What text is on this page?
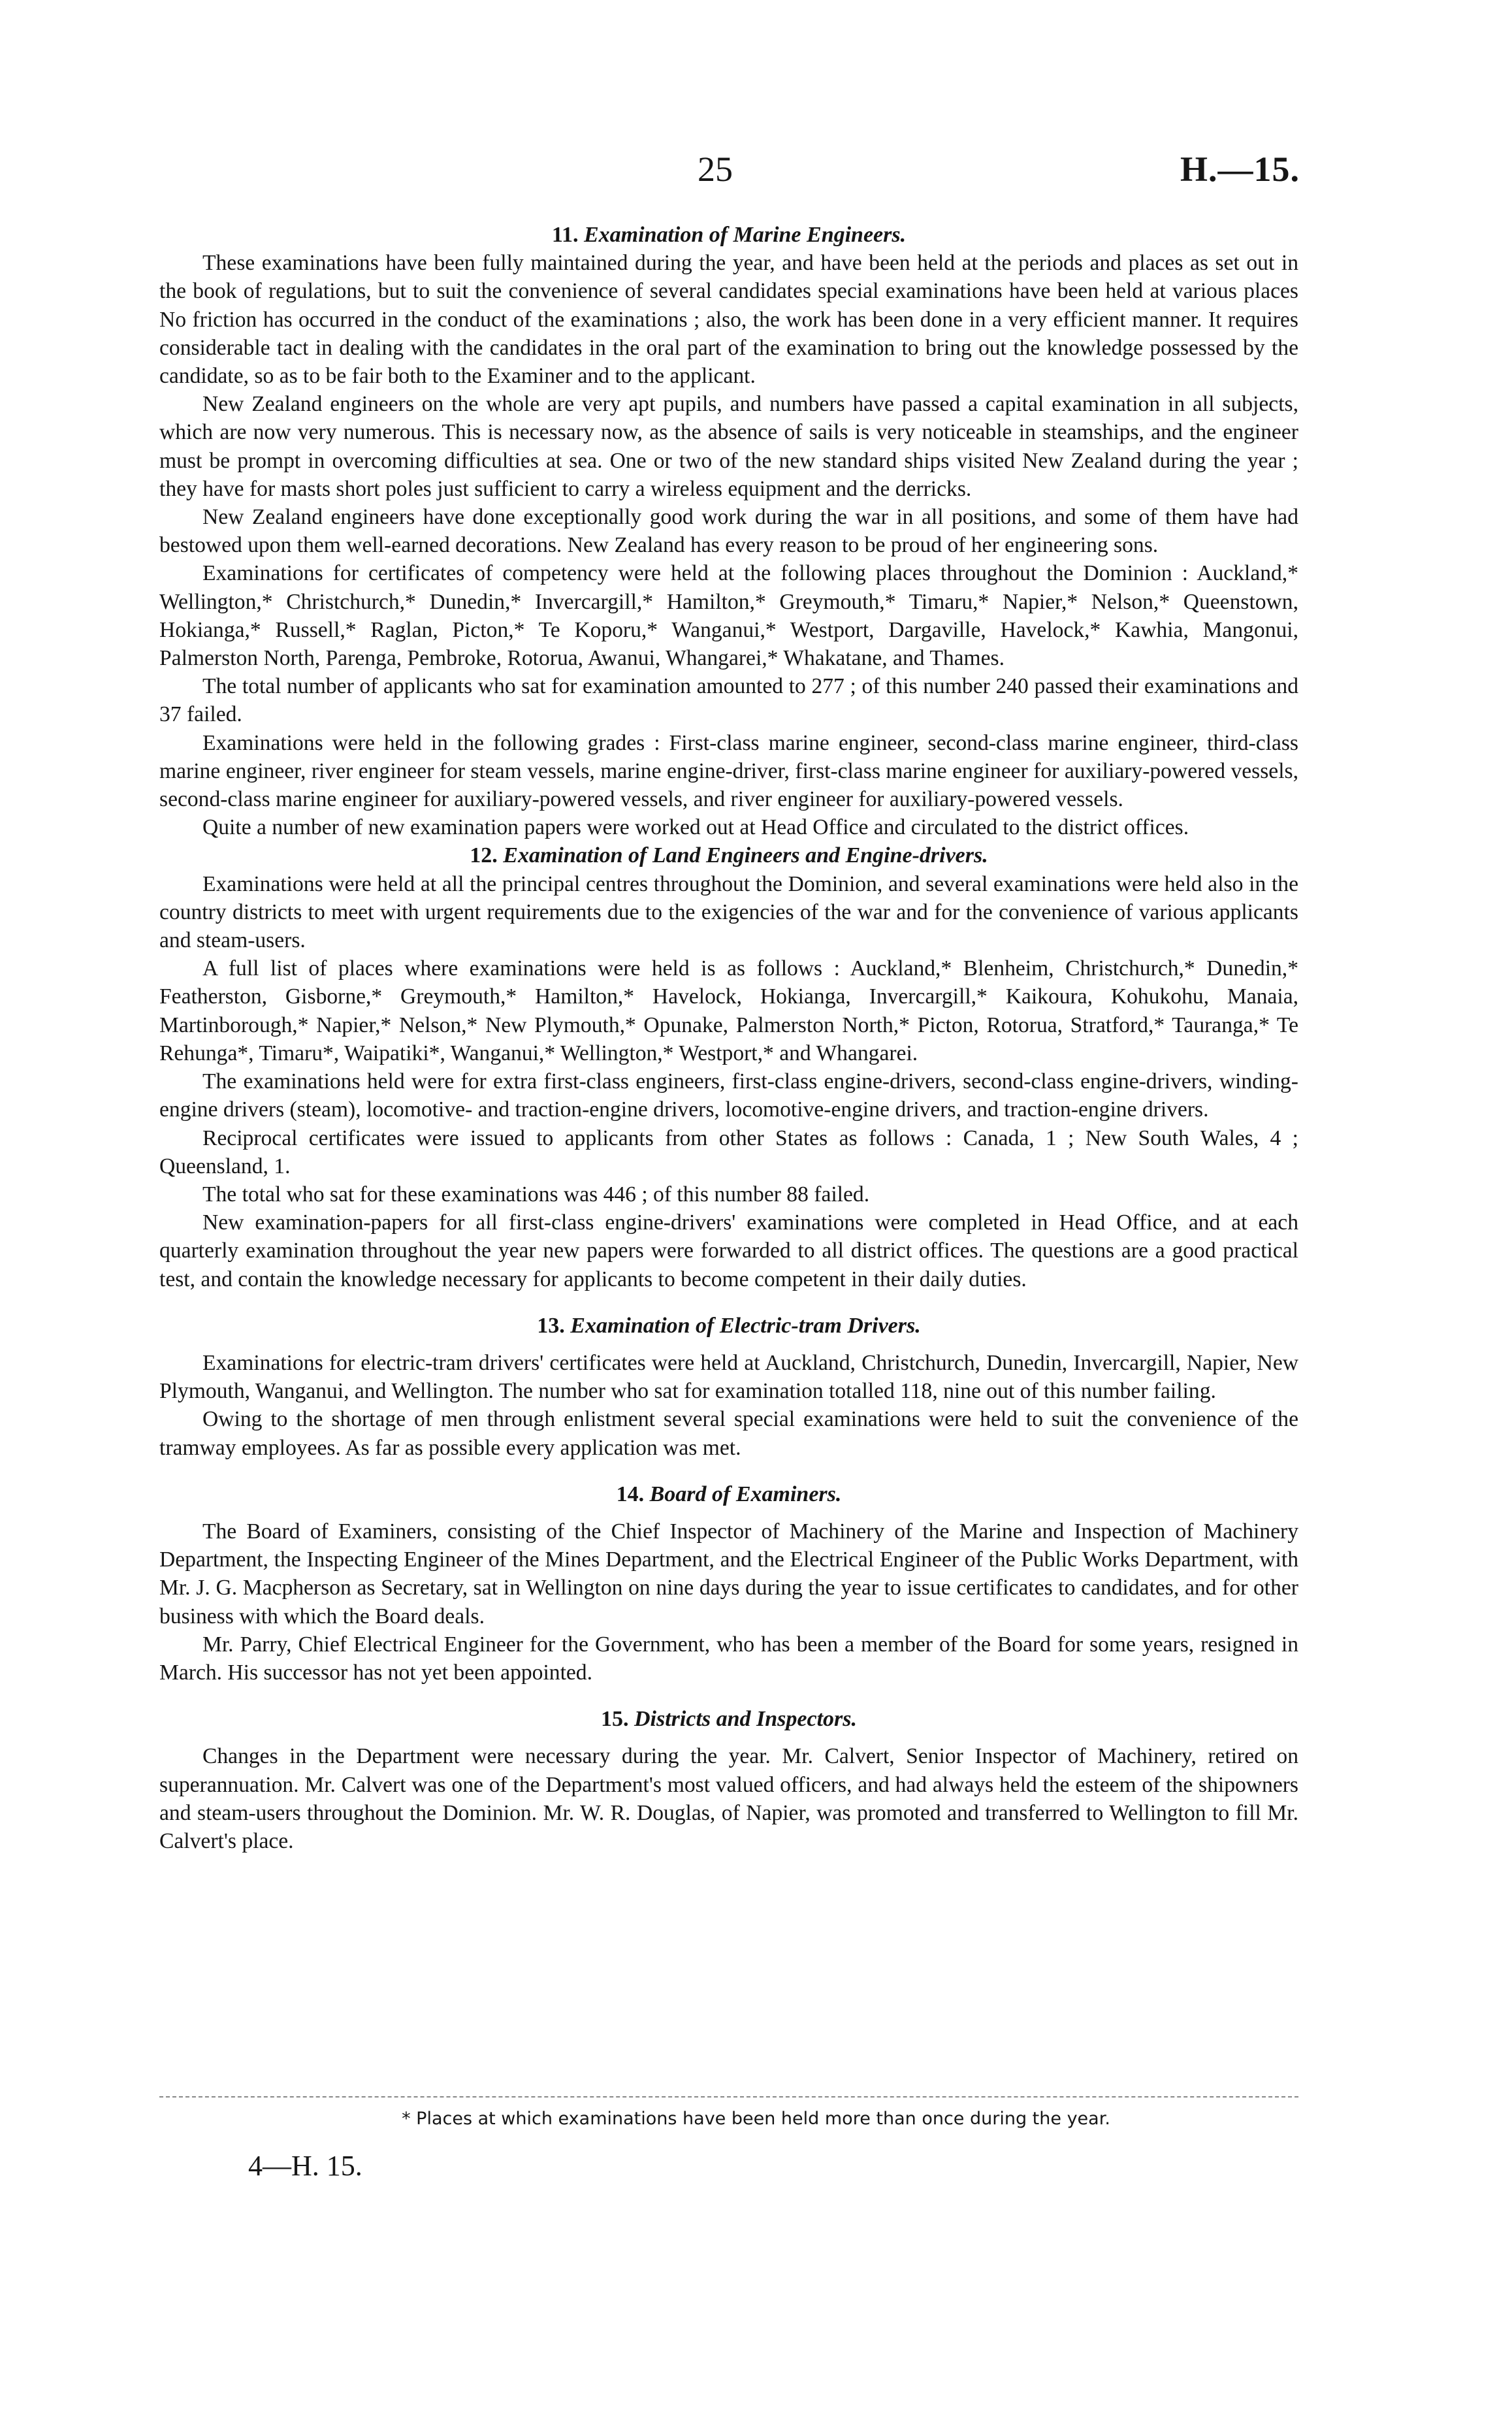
25	H.—15.
11. Examination of Marine Engineers.

These examinations have been fully maintained during the year, and have been held at the periods and places as set out in the book of regulations, but to suit the convenience of several candidates special examinations have been held at various places No friction has occurred in the conduct of the examinations ; also, the work has been done in a very efficient manner. It requires considerable tact in dealing with the candidates in the oral part of the examination to bring out the knowledge possessed by the candidate, so as to be fair both to the Examiner and to the applicant.

New Zealand engineers on the whole are very apt pupils, and numbers have passed a capital examination in all subjects, which are now very numerous. This is necessary now, as the absence of sails is very noticeable in steamships, and the engineer must be prompt in overcoming difficulties at sea. One or two of the new standard ships visited New Zealand during the year ; they have for masts short poles just sufficient to carry a wireless equipment and the derricks.

New Zealand engineers have done exceptionally good work during the war in all positions, and some of them have had bestowed upon them well-earned decorations. New Zealand has every reason to be proud of her engineering sons.

Examinations for certificates of competency were held at the following places throughout the Dominion : Auckland,* Wellington,* Christchurch,* Dunedin,* Invercargill,* Hamilton,* Greymouth,* Timaru,* Napier,* Nelson,* Queenstown, Hokianga,* Russell,* Raglan, Picton,* Te Koporu,* Wanganui,* Westport, Dargaville, Havelock,* Kawhia, Mangonui, Palmerston North, Parenga, Pembroke, Rotorua, Awanui, Whangarei,* Whakatane, and Thames.

The total number of applicants who sat for examination amounted to 277 ; of this number 240 passed their examinations and 37 failed.

Examinations were held in the following grades : First-class marine engineer, second-class marine engineer, third-class marine engineer, river engineer for steam vessels, marine engine-driver, first-class marine engineer for auxiliary-powered vessels, second-class marine engineer for auxiliary-powered vessels, and river engineer for auxiliary-powered vessels.

Quite a number of new examination papers were worked out at Head Office and circulated to the district offices.

12. Examination of Land Engineers and Engine-drivers.

Examinations were held at all the principal centres throughout the Dominion, and several examinations were held also in the country districts to meet with urgent requirements due to the exigencies of the war and for the convenience of various applicants and steam-users.

A full list of places where examinations were held is as follows : Auckland,* Blenheim, Christchurch,* Dunedin,* Featherston, Gisborne,* Greymouth,* Hamilton,* Havelock, Hokianga, Invercargill,* Kaikoura, Kohukohu, Manaia, Martinborough,* Napier,* Nelson,* New Plymouth,* Opunake, Palmerston North,* Picton, Rotorua, Stratford,* Tauranga,* Te Rehunga*, Timaru*, Waipatiki*, Wanganui,* Wellington,* Westport,* and Whangarei.

The examinations held were for extra first-class engineers, first-class engine-drivers, second-class engine-drivers, winding-engine drivers (steam), locomotive- and traction-engine drivers, locomotive-engine drivers, and traction-engine drivers.

Reciprocal certificates were issued to applicants from other States as follows : Canada, 1 ; New South Wales, 4 ; Queensland, 1.

The total who sat for these examinations was 446 ; of this number 88 failed.

New examination-papers for all first-class engine-drivers' examinations were completed in Head Office, and at each quarterly examination throughout the year new papers were forwarded to all district offices. The questions are a good practical test, and contain the knowledge necessary for applicants to become competent in their daily duties.

13. Examination of Electric-tram Drivers.

Examinations for electric-tram drivers' certificates were held at Auckland, Christchurch, Dunedin, Invercargill, Napier, New Plymouth, Wanganui, and Wellington. The number who sat for examination totalled 118, nine out of this number failing.

Owing to the shortage of men through enlistment several special examinations were held to suit the convenience of the tramway employees. As far as possible every application was met.

14. Board of Examiners.

The Board of Examiners, consisting of the Chief Inspector of Machinery of the Marine and Inspection of Machinery Department, the Inspecting Engineer of the Mines Department, and the Electrical Engineer of the Public Works Department, with Mr. J. G. Macpherson as Secretary, sat in Wellington on nine days during the year to issue certificates to candidates, and for other business with which the Board deals.

Mr. Parry, Chief Electrical Engineer for the Government, who has been a member of the Board for some years, resigned in March. His successor has not yet been appointed.

15. Districts and Inspectors.

Changes in the Department were necessary during the year. Mr. Calvert, Senior Inspector of Machinery, retired on superannuation. Mr. Calvert was one of the Department's most valued officers, and had always held the esteem of the shipowners and steam-users throughout the Dominion. Mr. W. R. Douglas, of Napier, was promoted and transferred to Wellington to fill Mr. Calvert's place.

* Places at which examinations have been held more than once during the year.
4—H. 15.
